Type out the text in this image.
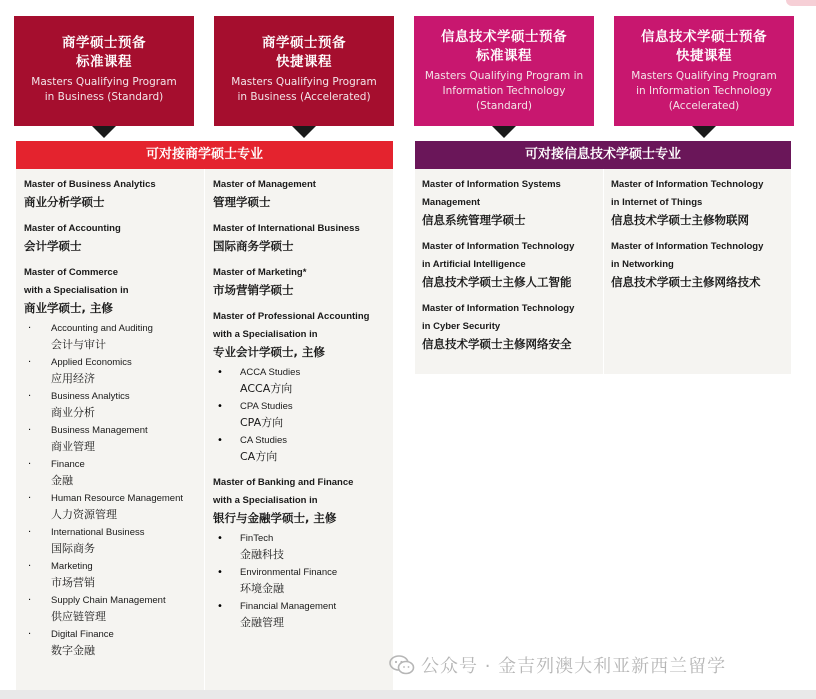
商学硕士预备
标准课程
Masters Qualifying Program
in Business (Standard)
商学硕士预备
快捷课程
Masters Qualifying Program
in Business (Accelerated)
信息技术学硕士预备
标准课程
Masters Qualifying Program in
Information Technology
(Standard)
信息技术学硕士预备
快捷课程
Masters Qualifying Program
in Information Technology
(Accelerated)
可对接商学硕士专业	可对接信息技术学硕士专业
Master of Business Analytics
商业分析学硕士
Master of Accounting
会计学硕士
Master of Commerce
with a Specialisation in
商业学硕士, 主修
· Accounting and Auditing
会计与审计
· Applied Economics
应用经济
· Business Analytics
商业分析
· Business Management
商业管理
· Finance
金融
· Human Resource Management
人力资源管理
· International Business
国际商务
· Marketing
市场营销
· Supply Chain Management
供应链管理
· Digital Finance
数字金融
Master of Management
管理学硕士
Master of International Business
国际商务学硕士
Master of Marketing*
市场营销学硕士
Master of Professional Accounting
with a Specialisation in
专业会计学硕士, 主修
• ACCA Studies
ACCA方向
• CPA Studies
CPA方向
• CA Studies
CA方向
Master of Banking and Finance
with a Specialisation in
银行与金融学硕士, 主修
• FinTech
金融科技
• Environmental Finance
环境金融
• Financial Management
金融管理
Master of Information Systems
Management
信息系统管理学硕士
Master of Information Technology
in Artificial Intelligence
信息技术学硕士主修人工智能
Master of Information Technology
in Cyber Security
信息技术学硕士主修网络安全
Master of Information Technology
in Internet of Things
信息技术学硕士主修物联网
Master of Information Technology
in Networking
信息技术学硕士主修网络技术
公众号 · 金吉列澳大利亚新西兰留学
